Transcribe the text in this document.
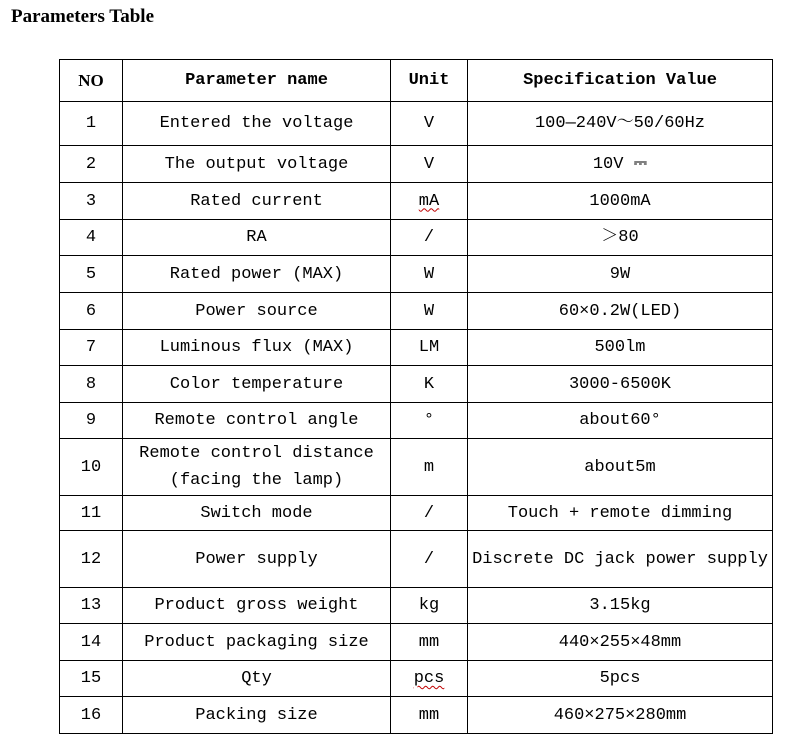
Parameters Table
NO	Parameter name	Unit	Specification Value
1	Entered the voltage	V	100—240V～50/60Hz
2	The output voltage	V	10V ⎓
3	Rated current	mA	1000mA
4	RA	/	＞80
5	Rated power (MAX)	W	9W
6	Power source	W	60×0.2W(LED)
7	Luminous flux (MAX)	LM	500lm
8	Color temperature	K	3000-6500K
9	Remote control angle	°	about60°
10	Remote control distance (facing the lamp)	m	about5m
11	Switch mode	/	Touch + remote dimming
12	Power supply	/	Discrete DC jack power supply
13	Product gross weight	kg	3.15kg
14	Product packaging size	mm	440×255×48mm
15	Qty	pcs	5pcs
16	Packing size	mm	460×275×280mm
